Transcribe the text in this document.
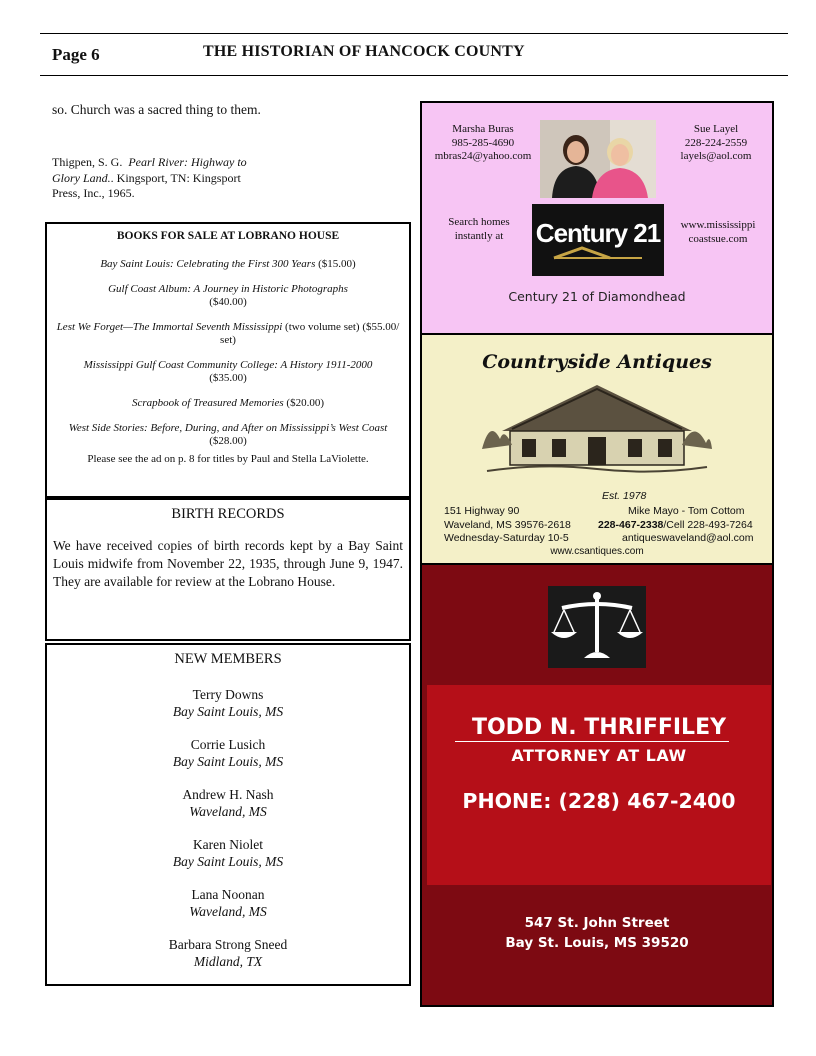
Page 6	THE HISTORIAN OF HANCOCK COUNTY
so. Church was a sacred thing to them.
Thigpen, S. G. Pearl River: Highway to Glory Land.. Kingsport, TN: Kingsport Press, Inc., 1965.
BOOKS FOR SALE AT LOBRANO HOUSE
Bay Saint Louis: Celebrating the First 300 Years ($15.00)
Gulf Coast Album: A Journey in Historic Photographs
($40.00)
Lest We Forget—The Immortal Seventh Mississippi (two volume set) ($55.00/ set)
Mississippi Gulf Coast Community College: A History 1911-2000
($35.00)
Scrapbook of Treasured Memories ($20.00)
West Side Stories: Before, During, and After on Mississippi’s West Coast ($28.00)
Please see the ad on p. 8 for titles by Paul and Stella LaViolette.
BIRTH RECORDS

We have received copies of birth records kept by a Bay Saint Louis midwife from November 22, 1935, through June 9, 1947. They are available for review at the Lobrano House.

NEW MEMBERS
Terry Downs
Bay Saint Louis, MS
Corrie Lusich
Bay Saint Louis, MS
Andrew H. Nash
Waveland, MS
Karen Niolet
Bay Saint Louis, MS
Lana Noonan
Waveland, MS
Barbara Strong Sneed
Midland, TX
Marsha Buras
985-285-4690
mbras24@yahoo.com
Sue Layel
228-224-2559
layels@aol.com
Search homes
instantly at	Century 21	www.mississippi
coastsue.com
Century 21 of Diamondhead
Countryside Antiques
Est. 1978
151 Highway 90
Waveland, MS 39576-2618
Wednesday-Saturday 10-5
Mike Mayo - Tom Cottom
228-467-2338/Cell 228-493-7264
antiqueswaveland@aol.com
www.csantiques.com
TODD N. THRIFFILEY
ATTORNEY AT LAW
PHONE: (228) 467-2400
547 St. John Street
Bay St. Louis, MS 39520
